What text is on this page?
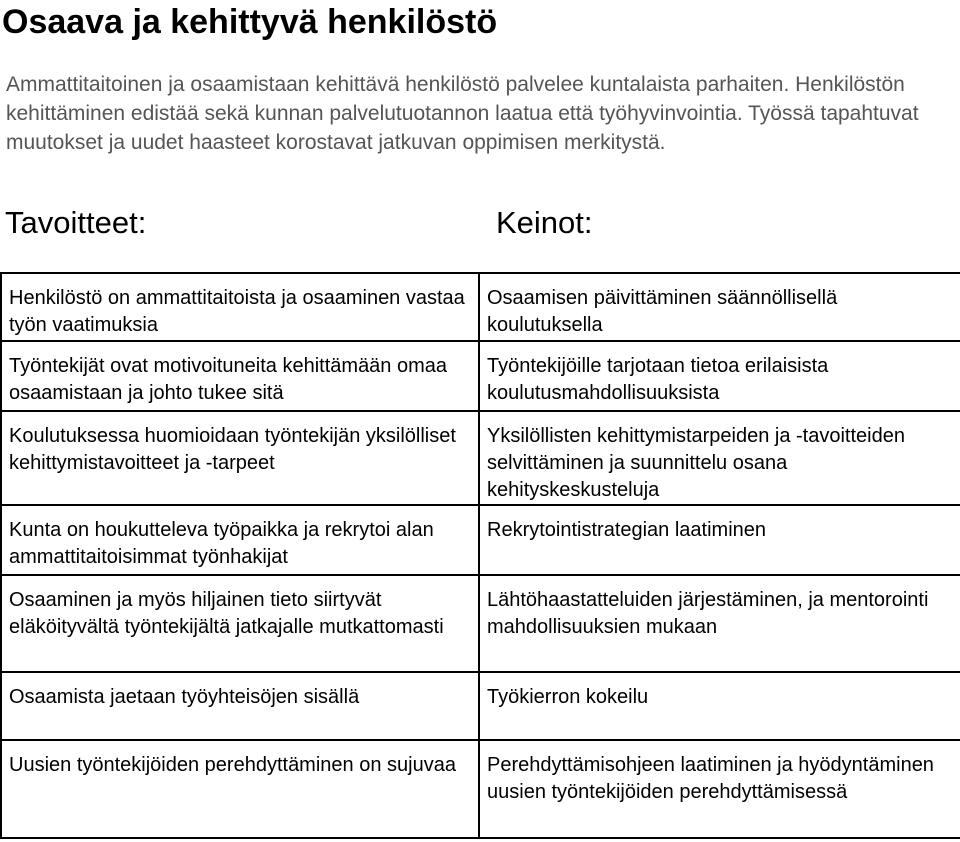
Osaava ja kehittyvä henkilöstö

Ammattitaitoinen ja osaamistaan kehittävä henkilöstö palvelee kuntalaista parhaiten. Henkilöstön kehittäminen edistää sekä kunnan palvelutuotannon laatua että työhyvinvointia. Työssä tapahtuvat muutokset ja uudet haasteet korostavat jatkuvan oppimisen merkitystä.

Tavoitteet:	Keinot:
Henkilöstö on ammattitaitoista ja osaaminen vastaa työn vaatimuksia	Osaamisen päivittäminen säännöllisellä koulutuksella
Työntekijät ovat motivoituneita kehittämään omaa osaamistaan ja johto tukee sitä	Työntekijöille tarjotaan tietoa erilaisista koulutusmahdollisuuksista
Koulutuksessa huomioidaan työntekijän yksilölliset kehittymistavoitteet ja -tarpeet	Yksilöllisten kehittymistarpeiden ja -tavoitteiden selvittäminen ja suunnittelu osana kehityskeskusteluja
Kunta on houkutteleva työpaikka ja rekrytoi alan ammattitaitoisimmat työnhakijat	Rekrytointistrategian laatiminen
Osaaminen ja myös hiljainen tieto siirtyvät eläköityvältä työntekijältä jatkajalle mutkattomasti	Lähtöhaastatteluiden järjestäminen, ja mentorointi mahdollisuuksien mukaan
Osaamista jaetaan työyhteisöjen sisällä	Työkierron kokeilu
Uusien työntekijöiden perehdyttäminen on sujuvaa	Perehdyttämisohjeen laatiminen ja hyödyntäminen uusien työntekijöiden perehdyttämisessä
